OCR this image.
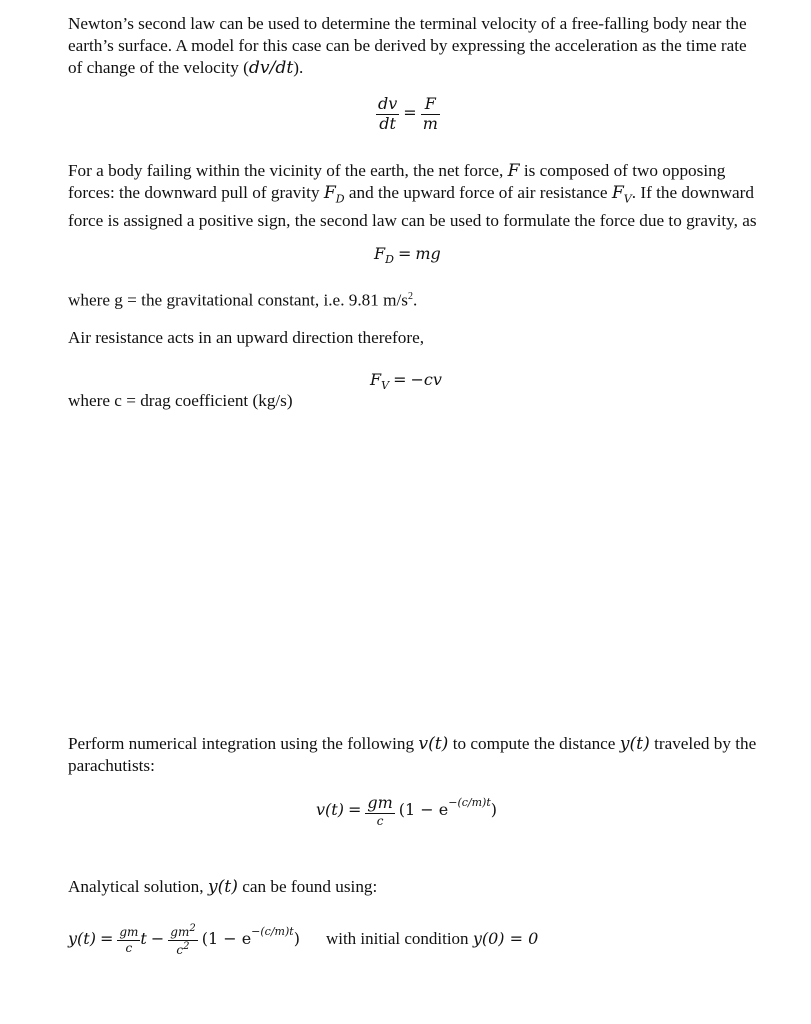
Newton’s second law can be used to determine the terminal velocity of a free-falling body near the earth’s surface. A model for this case can be derived by expressing the acceleration as the time rate of change of the velocity (dv/dt).

$\frac{dv}{dt} = \frac{F}{m}$

For a body failing within the vicinity of the earth, the net force, F is composed of two opposing forces: the downward pull of gravity $F_D$ and the upward force of air resistance $F_V$. If the downward force is assigned a positive sign, the second law can be used to formulate the force due to gravity, as

$F_D$ = mg

where g = the gravitational constant, i.e. 9.81 $m/s^2$.

Air resistance acts in an upward direction therefore,

$F_V = -cv$

where c = drag coefficient (kg/s)

Perform numerical integration using the following v(t) to compute the distance y(t) traveled by the parachutists:

$v(t) = \frac{gm}{c} (1 - e^{-(c/m)t})$

Analytical solution, y(t) can be found using:

$y(t) = \frac{gm}{c}$ $t - \frac{gm^2}{c^2} (1 - e^{-(c/m)t})$ with initial condition y(0) = 0
